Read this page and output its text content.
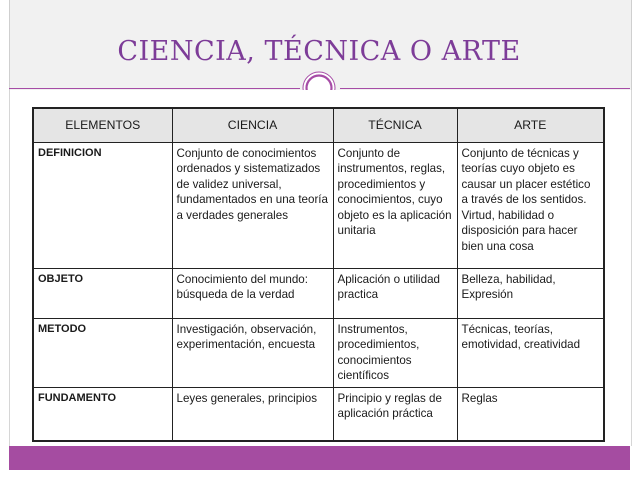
CIENCIA, TÉCNICA O ARTE
ELEMENTOS	CIENCIA	TÉCNICA	ARTE
DEFINICION	Conjunto de conocimientos ordenados y sistematizados de validez universal, fundamentados en una teoría a verdades generales	Conjunto de instrumentos, reglas, procedimientos y conocimientos, cuyo objeto es la aplicación unitaria	Conjunto de técnicas y teorías cuyo objeto es causar un placer estético a través de los sentidos. Virtud, habilidad o disposición para hacer bien una cosa
OBJETO	Conocimiento del mundo: búsqueda de la verdad	Aplicación o utilidad practica	Belleza, habilidad, Expresión
METODO	Investigación, observación, experimentación, encuesta	Instrumentos, procedimientos, conocimientos científicos	Técnicas, teorías, emotividad, creatividad
FUNDAMENTO	Leyes generales, principios	Principio y reglas de aplicación práctica	Reglas
